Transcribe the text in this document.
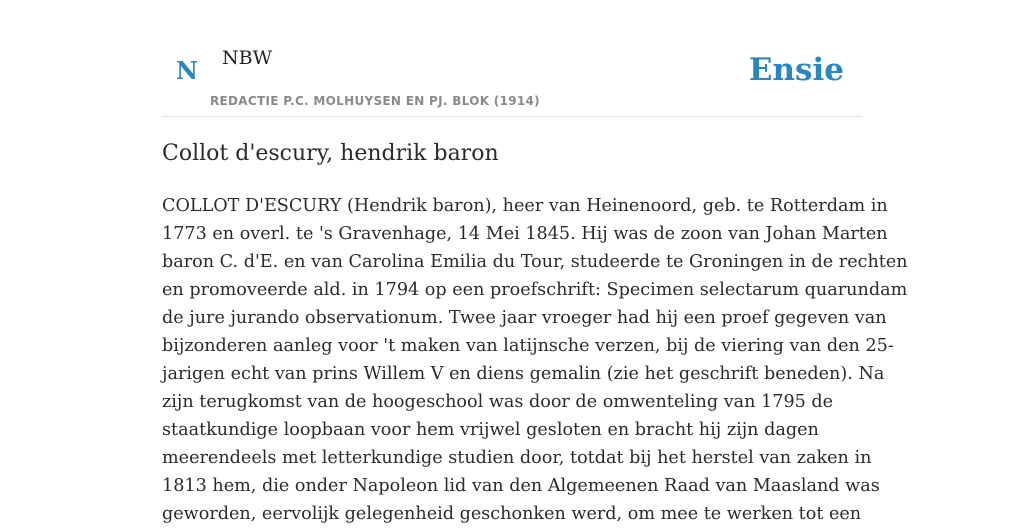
N NBW
REDACTIE P.C. MOLHUYSEN EN PJ. BLOK (1914)
Ensie
Collot d'escury, hendrik baron
COLLOT D'ESCURY (Hendrik baron), heer van Heinenoord, geb. te Rotterdam in
1773 en overl. te 's Gravenhage, 14 Mei 1845. Hij was de zoon van Johan Marten
baron C. d'E. en van Carolina Emilia du Tour, studeerde te Groningen in de rechten
en promoveerde ald. in 1794 op een proefschrift: Specimen selectarum quarundam
de jure jurando observationum. Twee jaar vroeger had hij een proef gegeven van
bijzonderen aanleg voor 't maken van latijnsche verzen, bij de viering van den 25-
jarigen echt van prins Willem V en diens gemalin (zie het geschrift beneden). Na
zijn terugkomst van de hoogeschool was door de omwenteling van 1795 de
staatkundige loopbaan voor hem vrijwel gesloten en bracht hij zijn dagen
meerendeels met letterkundige studien door, totdat bij het herstel van zaken in
1813 hem, die onder Napoleon lid van den Algemeenen Raad van Maasland was
geworden, eervolijk gelegenheid geschonken werd, om mee te werken tot een
